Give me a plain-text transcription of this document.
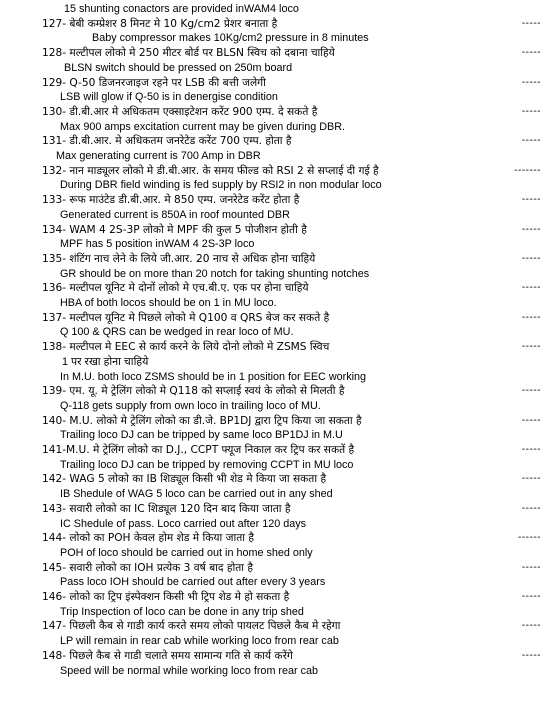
15 shunting conactors are provided inWAM4 loco
127- बेबी कम्प्रेशर 8 मिनट मे 10 Kg/cm2 प्रेशर बनाता है	-----
Baby compressor makes 10Kg/cm2 pressure in 8 minutes
128- मल्टीपल लोको मे 250 मीटर बोर्ड पर BLSN स्विच को दबाना चाहिये	-----
BLSN switch should be pressed on 250m board
129- Q-50 डिजनरजाइज रहने पर LSB की बत्ती जलेगी	-----
LSB will glow if Q-50 is in denergise condition
130- डी.बी.आर मे अधिकतम एक्साइटेशन करेंट 900 एम्प. दे सकते है	-----
Max 900 amps excitation current may be given during DBR.
131- डी.बी.आर. मे अधिकतम जनरेटेड करेंट 700 एम्प. होता है	-----
Max generating current is 700 Amp in DBR
132- नान माड्यूलर लोको मे डी.बी.आर. के समय फील्ड को RSI 2 से सप्लाई दी गई है	-------
During DBR field winding is fed supply by RSI2 in non modular loco
133- रूफ माउंटेड डी.बी.आर. मे 850 एम्प. जनरेटेड करेंट होता है	-----
Generated current is 850A in roof mounted DBR
134- WAM 4 2S-3P लोको मे MPF की कुल 5 पोजीशन होती है	-----
MPF has 5 position inWAM 4 2S-3P loco
135- शंटिंग नाच लेने के लिये जी.आर. 20 नाच से अधिक होना चाहिये	-----
GR should be on more than 20 notch for taking shunting notches
136- मल्टीपल यूनिट मे दोनों लोको मे एच.बी.ए. एक पर होना चाहिये	-----
HBA of both locos should be on 1 in MU loco.
137- मल्टीपल यूनिट मे पिछले लोको मे Q100 व QRS बेज कर सकते है	-----
Q 100 & QRS can be wedged in rear loco of MU.
138- मल्टीपल मे EEC से कार्य करने के लिये दोनो लोको मे ZSMS स्विच	-----
1 पर रखा होना चाहिये
In M.U. both loco ZSMS should be in 1 position for EEC working
139- एम. यू. मे ट्रेलिंग लोको मे Q118 को सप्लाई स्वयं के लोको से मिलती है	-----
Q-118 gets supply from own loco in trailing loco of MU.
140- M.U. लोको मे ट्रेलिंग लोको का डी.जे. BP1DJ द्वारा ट्रिप किया जा सकता है	-----
Trailing loco DJ can be tripped by same loco BP1DJ in M.U
141-M.U. मे ट्रेलिंग लोको का D.J., CCPT फ्यूज निकाल कर ट्रिप कर सकतें है	-----
Trailing loco DJ can be tripped by removing CCPT in MU loco
142- WAG 5 लोको का IB शिड्यूल किसी भी शेड मे किया जा सकता है	-----
IB Shedule of WAG 5 loco can be carried out in any shed
143- सवारी लोको का IC शिड्यूल 120 दिन बाद किया जाता है	-----
IC Shedule of pass. Loco carried out after 120 days
144- लोको का POH केवल होम शेड मे किया जाता है	------
POH of loco should be carried out in home shed only
145- सवारी लोको का IOH प्रत्येक 3 वर्ष बाद होता है	-----
Pass loco IOH should be carried out after every 3 years
146- लोको का ट्रिप इंस्पेक्शन किसी भी ट्रिप शेड मे हो सकता है	-----
Trip Inspection of loco can be done in any trip shed
147- पिछली कैब से गाडी कार्य करते समय लोको पायलट पिछले कैब मे रहेगा	-----
LP will remain in rear cab while working loco from rear cab
148- पिछले कैब से गाडी चलाते समय सामान्य गति से कार्य करेंगे	-----
Speed will be normal while working loco from rear cab
